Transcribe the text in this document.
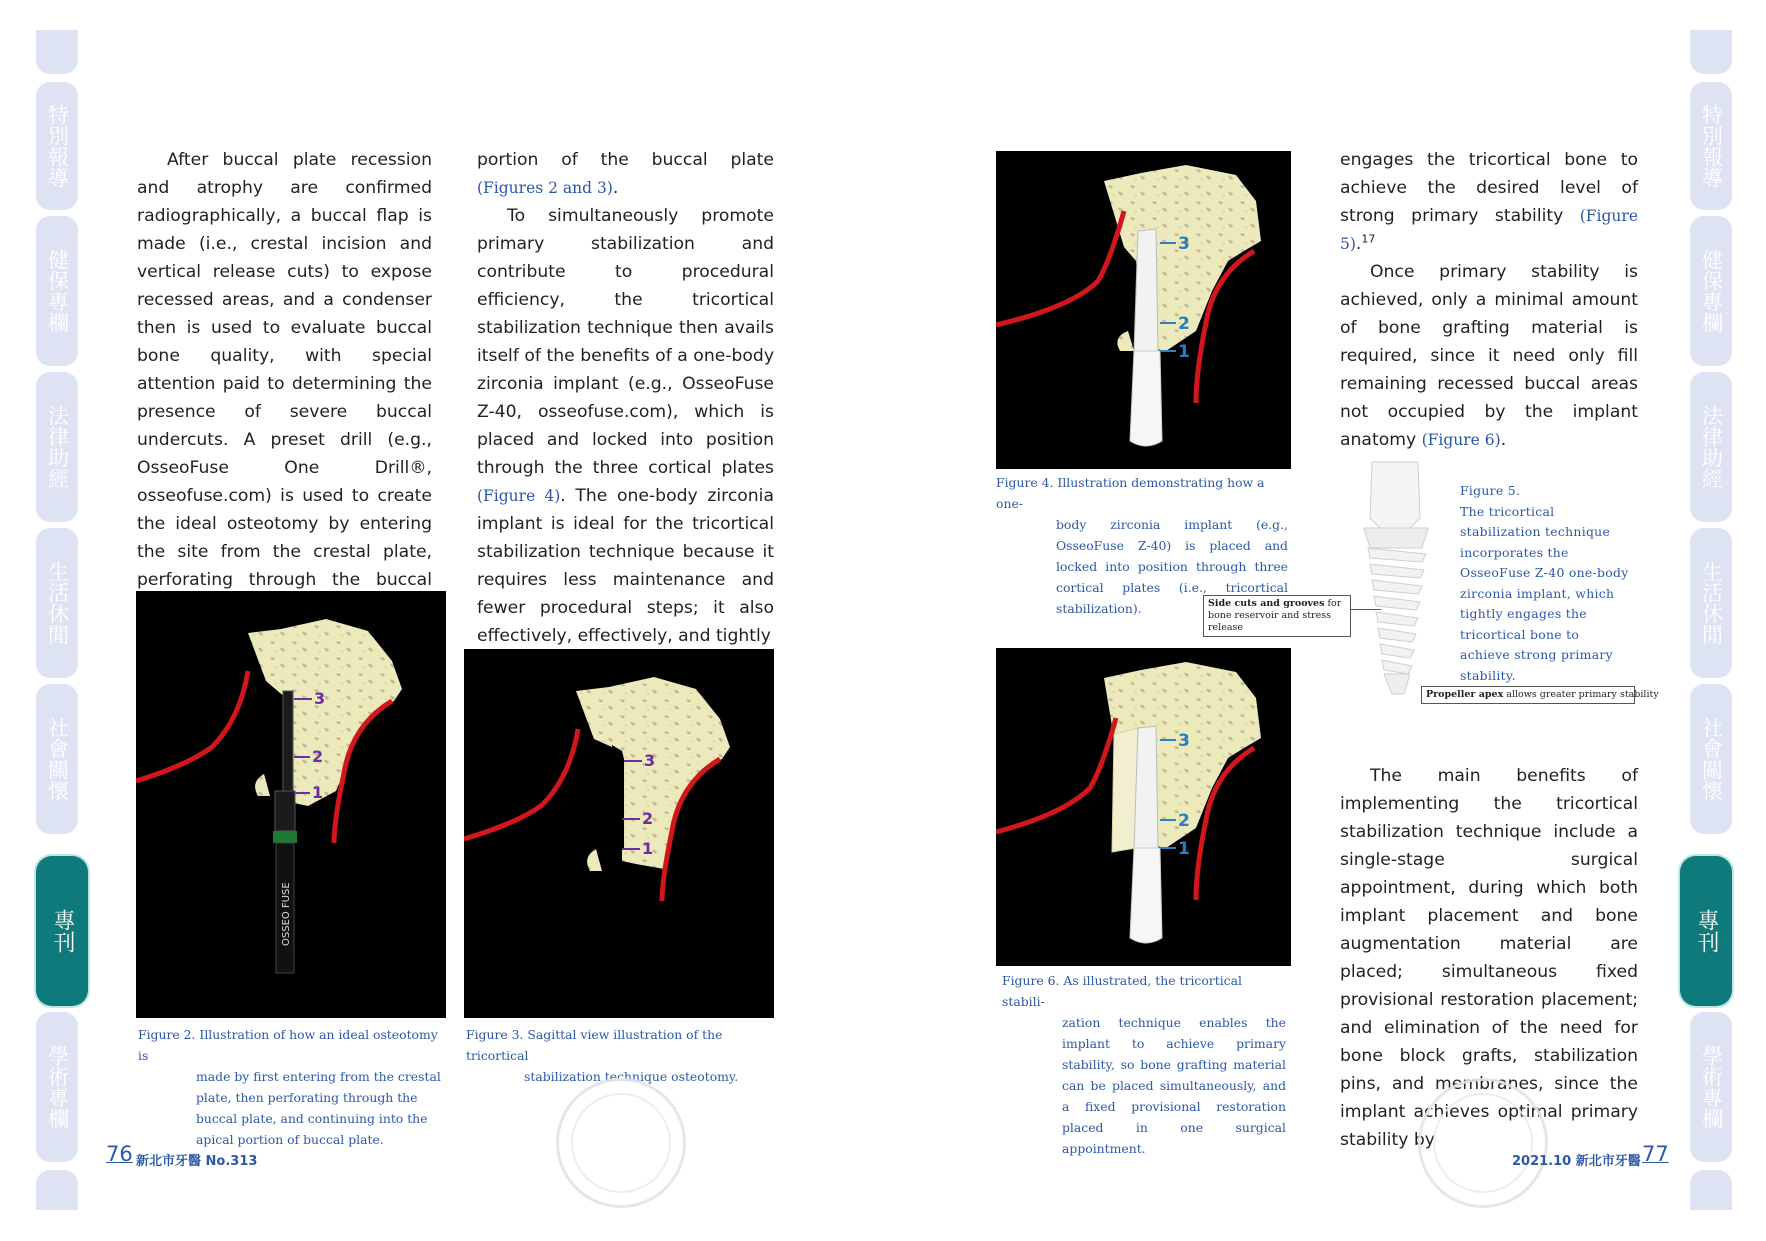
特別報導
健保專欄
法律助經
生活休閒
社會關懷
專刊
學術專欄
特別報導
健保專欄
法律助經
生活休閒
社會關懷
專刊
學術專欄

After buccal plate recession and atrophy are confirmed radiographically, a buccal flap is made (i.e., crestal incision and vertical release cuts) to expose recessed areas, and a condenser then is used to evaluate buccal bone quality, with special attention paid to determining the presence of severe buccal undercuts. A preset drill (e.g., OsseoFuse One Drill®, osseofuse.com) is used to create the ideal osteotomy by entering the site from the crestal plate, perforating through the buccal

portion of the buccal plate (Figures 2 and 3).

To simultaneously promote primary stabilization and contribute to procedural efficiency, the tricortical stabilization technique then avails itself of the benefits of a one-body zirconia implant (e.g., OsseoFuse Z-40, osseofuse.com), which is placed and locked into position through the three cortical plates (Figure 4). The one-body zirconia implant is ideal for the tricortical stabilization technique because it requires less maintenance and fewer procedural steps; it also effectively, effectively, and tightly

OSSEO FUSE
3
2
1
Figure 2. Illustration of how an ideal osteotomy is
made by first entering from the crestal plate, then perforating through the buccal plate, and continuing into the apical portion of buccal plate.
3
2
1
Figure 3. Sagittal view illustration of the tricortical
stabilization technique osteotomy.
76 新北市牙醫 No.313
3
2
1
Figure 4. Illustration demonstrating how a one-
body zirconia implant (e.g., OsseoFuse Z-40) is placed and locked into position through three cortical plates (i.e., tricortical stabilization).	Side cuts and grooves for bone reservoir and stress release
Propeller apex allows greater primary stability
Figure 5.
The tricortical stabilization technique incorporates the OsseoFuse Z-40 one-body zirconia implant, which tightly engages the tricortical bone to achieve strong primary stability.
3
2
1
Figure 6. As illustrated, the tricortical stabili-
zation technique enables the implant to achieve primary stability, so bone grafting material can be placed simultaneously, and a fixed provisional restoration placed in one surgical appointment.

engages the tricortical bone to achieve the desired level of strong primary stability (Figure 5).$^{17}$

Once primary stability is achieved, only a minimal amount of bone grafting material is required, since it need only fill remaining recessed buccal areas not occupied by the implant anatomy (Figure 6).

The main benefits of implementing the tricortical stabilization technique include a single-stage surgical appointment, during which both implant placement and bone augmentation material are placed; simultaneous fixed provisional restoration placement; and elimination of the need for bone block grafts, stabilization pins, and membranes, since the implant achieves optimal primary stability by

2021.10 新北市牙醫 77
